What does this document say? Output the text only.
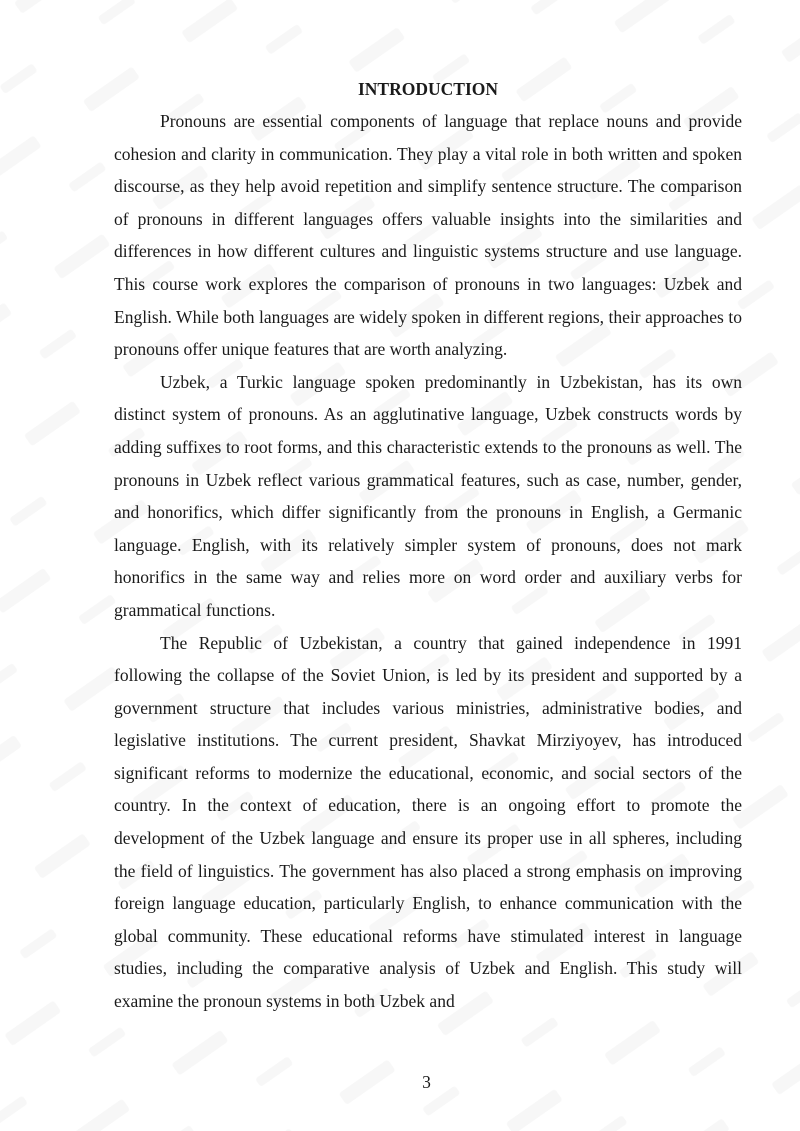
INTRODUCTION

Pronouns are essential components of language that replace nouns and provide cohesion and clarity in communication. They play a vital role in both written and spoken discourse, as they help avoid repetition and simplify sentence structure. The comparison of pronouns in different languages offers valuable insights into the similarities and differences in how different cultures and linguistic systems structure and use language. This course work explores the comparison of pronouns in two languages: Uzbek and English. While both languages are widely spoken in different regions, their approaches to pronouns offer unique features that are worth analyzing.

Uzbek, a Turkic language spoken predominantly in Uzbekistan, has its own distinct system of pronouns. As an agglutinative language, Uzbek constructs words by adding suffixes to root forms, and this characteristic extends to the pronouns as well. The pronouns in Uzbek reflect various grammatical features, such as case, number, gender, and honorifics, which differ significantly from the pronouns in English, a Germanic language. English, with its relatively simpler system of pronouns, does not mark honorifics in the same way and relies more on word order and auxiliary verbs for grammatical functions.

The Republic of Uzbekistan, a country that gained independence in 1991 following the collapse of the Soviet Union, is led by its president and supported by a government structure that includes various ministries, administrative bodies, and legislative institutions. The current president, Shavkat Mirziyoyev, has introduced significant reforms to modernize the educational, economic, and social sectors of the country. In the context of education, there is an ongoing effort to promote the development of the Uzbek language and ensure its proper use in all spheres, including the field of linguistics. The government has also placed a strong emphasis on improving foreign language education, particularly English, to enhance communication with the global community. These educational reforms have stimulated interest in language studies, including the comparative analysis of Uzbek and English. This study will examine the pronoun systems in both Uzbek and

3
